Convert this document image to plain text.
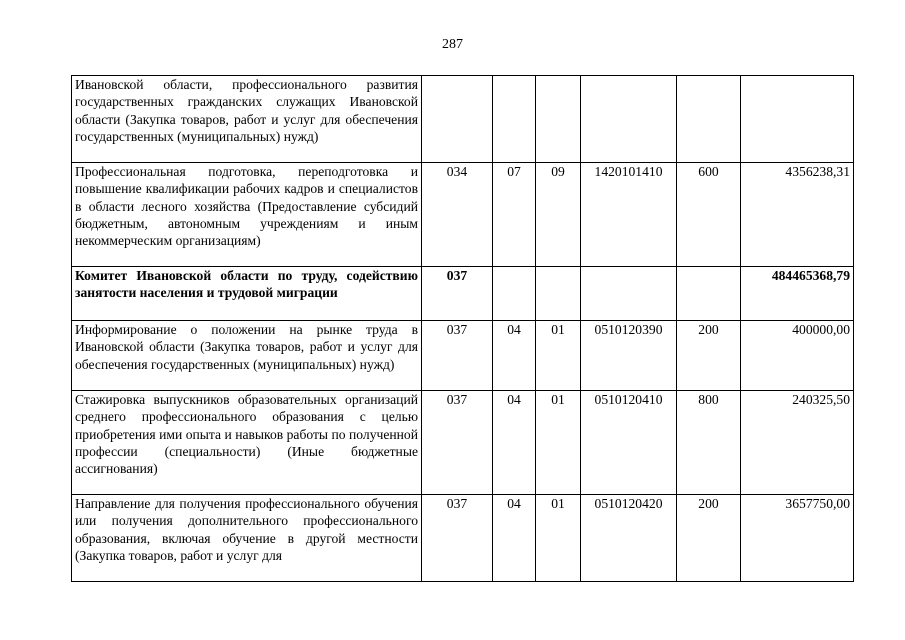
287
Ивановской области, профессионального развития государственных гражданских служащих Ивановской области (Закупка товаров, работ и услуг для обеспечения государственных (муниципальных) нужд)						
Профессиональная подготовка, переподготовка и повышение квалификации рабочих кадров и специалистов в области лесного хозяйства (Предоставление субсидий бюджетным, автономным учреждениям и иным некоммерческим организациям)	034	07	09	1420101410	600	4356238,31
Комитет Ивановской области по труду, содействию занятости населения и трудовой миграции	037					484465368,79
Информирование о положении на рынке труда в Ивановской области (Закупка товаров, работ и услуг для обеспечения государственных (муниципальных) нужд)	037	04	01	0510120390	200	400000,00
Стажировка выпускников образовательных организаций среднего профессионального образования с целью приобретения ими опыта и навыков работы по полученной профессии (специальности) (Иные бюджетные ассигнования)	037	04	01	0510120410	800	240325,50
Направление для получения профессионального обучения или получения дополнительного профессионального образования, включая обучение в другой местности (Закупка товаров, работ и услуг для	037	04	01	0510120420	200	3657750,00
